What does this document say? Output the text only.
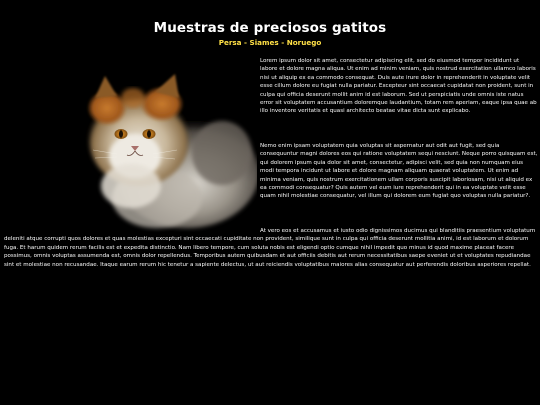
Muestras de preciosos gatitos
Persa - Siames - Noruego

Lorem ipsum dolor sit amet, consectetur adipiscing elit, sed do eiusmod tempor incididunt ut labore et dolore magna aliqua. Ut enim ad minim veniam, quis nostrud exercitation ullamco laboris nisi ut aliquip ex ea commodo consequat. Duis aute irure dolor in reprehenderit in voluptate velit esse cillum dolore eu fugiat nulla pariatur. Excepteur sint occaecat cupidatat non proident, sunt in culpa qui officia deserunt mollit anim id est laborum. Sed ut perspiciatis unde omnis iste natus error sit voluptatem accusantium doloremque laudantium, totam rem aperiam, eaque ipsa quae ab illo inventore veritatis et quasi architecto beatae vitae dicta sunt explicabo.

Nemo enim ipsam voluptatem quia voluptas sit aspernatur aut odit aut fugit, sed quia consequuntur magni dolores eos qui ratione voluptatem sequi nesciunt. Neque porro quisquam est, qui dolorem ipsum quia dolor sit amet, consectetur, adipisci velit, sed quia non numquam eius modi tempora incidunt ut labore et dolore magnam aliquam quaerat voluptatem. Ut enim ad minima veniam, quis nostrum exercitationem ullam corporis suscipit laboriosam, nisi ut aliquid ex ea commodi consequatur? Quis autem vel eum iure reprehenderit qui in ea voluptate velit esse quam nihil molestiae consequatur, vel illum qui dolorem eum fugiat quo voluptas nulla pariatur?.

At vero eos et accusamus et iusto odio dignissimos ducimus qui blanditiis praesentium voluptatum deleniti atque corrupti quos dolores et quas molestias excepturi sint occaecati cupiditate non provident, similique sunt in culpa qui officia deserunt mollitia animi, id est laborum et dolorum fuga. Et harum quidem rerum facilis est et expedita distinctio. Nam libero tempore, cum soluta nobis est eligendi optio cumque nihil impedit quo minus id quod maxime placeat facere possimus, omnis voluptas assumenda est, omnis dolor repellendus. Temporibus autem quibusdam et aut officiis debitis aut rerum necessitatibus saepe eveniet ut et voluptates repudiandae sint et molestiae non recusandae. Itaque earum rerum hic tenetur a sapiente delectus, ut aut reiciendis voluptatibus maiores alias consequatur aut perferendis doloribus asperiores repellat.
